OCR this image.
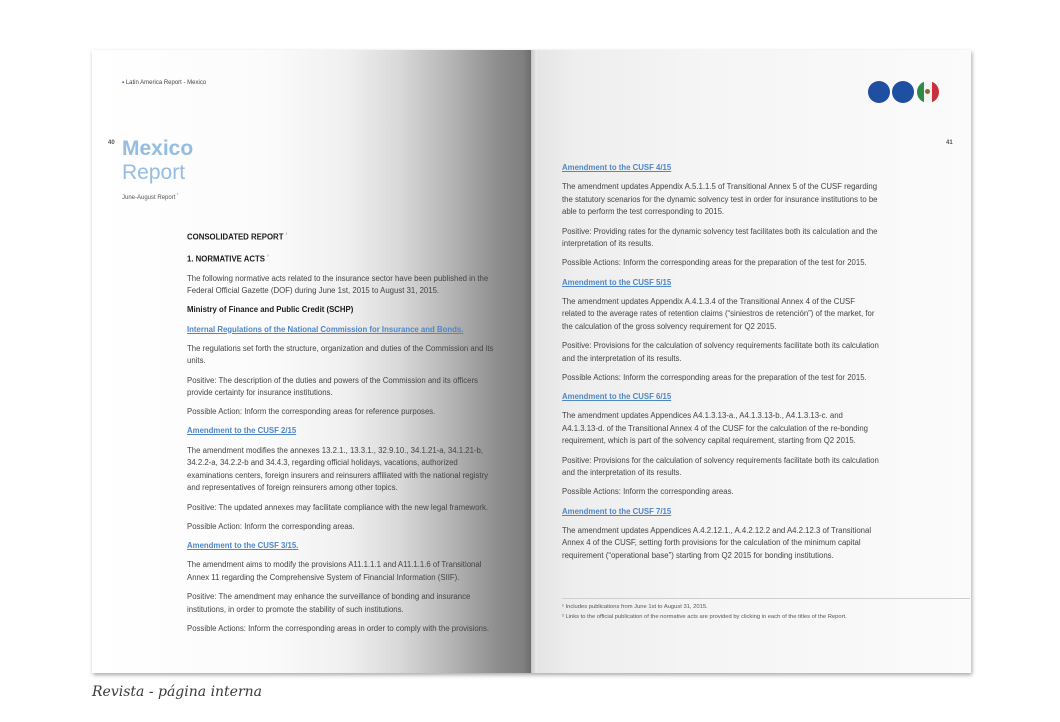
▪ Latin America Report - Mexico
40 Mexico
Report
June-August Report $^{^1}$

CONSOLIDATED REPORT $^{^1}$

1. NORMATIVE ACTS $^{^2}$

The following normative acts related to the insurance sector have been published in the Federal Official Gazette (DOF) during June 1st, 2015 to August 31, 2015.

Ministry of Finance and Public Credit (SCHP)

Internal Regulations of the National Commission for Insurance and Bonds.

The regulations set forth the structure, organization and duties of the Commission and its units.

Positive: The description of the duties and powers of the Commission and its officers provide certainty for insurance institutions.

Possible Action: Inform the corresponding areas for reference purposes.

Amendment to the CUSF 2/15

The amendment modifies the annexes 13.2.1., 13.3.1., 32.9.10., 34.1.21-a, 34.1.21-b, 34.2.2-a, 34.2.2-b and 34.4.3, regarding official holidays, vacations, authorized examinations centers, foreign insurers and reinsurers affiliated with the national registry and representatives of foreign reinsurers among other topics.

Positive: The updated annexes may facilitate compliance with the new legal framework.

Possible Action: Inform the corresponding areas.

Amendment to the CUSF 3/15.

The amendment aims to modify the provisions A11.1.1.1 and A11.1.1.6 of Transitional Annex 11 regarding the Comprehensive System of Financial Information (SIIF).

Positive: The amendment may enhance the surveillance of bonding and insurance institutions, in order to promote the stability of such institutions.

Possible Actions: Inform the corresponding areas in order to comply with the provisions.

41

Amendment to the CUSF 4/15

The amendment updates Appendix A.5.1.1.5 of Transitional Annex 5 of the CUSF regarding the statutory scenarios for the dynamic solvency test in order for insurance institutions to be able to perform the test corresponding to 2015.

Positive: Providing rates for the dynamic solvency test facilitates both its calculation and the interpretation of its results.

Possible Actions: Inform the corresponding areas for the preparation of the test for 2015.

Amendment to the CUSF 5/15

The amendment updates Appendix A.4.1.3.4 of the Transitional Annex 4 of the CUSF related to the average rates of retention claims (“siniestros de retención”) of the market, for the calculation of the gross solvency requirement for Q2 2015.

Positive: Provisions for the calculation of solvency requirements facilitate both its calculation and the interpretation of its results.

Possible Actions: Inform the corresponding areas for the preparation of the test for 2015.

Amendment to the CUSF 6/15

The amendment updates Appendices A4.1.3.13-a., A4.1.3.13-b., A4.1.3.13-c. and A4.1.3.13-d. of the Transitional Annex 4 of the CUSF for the calculation of the re-bonding requirement, which is part of the solvency capital requirement, starting from Q2 2015.

Positive: Provisions for the calculation of solvency requirements facilitate both its calculation and the interpretation of its results.

Possible Actions: Inform the corresponding areas.

Amendment to the CUSF 7/15

The amendment updates Appendices A.4.2.12.1., A.4.2.12.2 and A4.2.12.3 of Transitional Annex 4 of the CUSF, setting forth provisions for the calculation of the minimum capital requirement (“operational base”) starting from Q2 2015 for bonding institutions.

¹ Includes publications from June 1st to August 31, 2015.

² Links to the official publication of the normative acts are provided by clicking in each of the titles of the Report.

Revista - página interna
